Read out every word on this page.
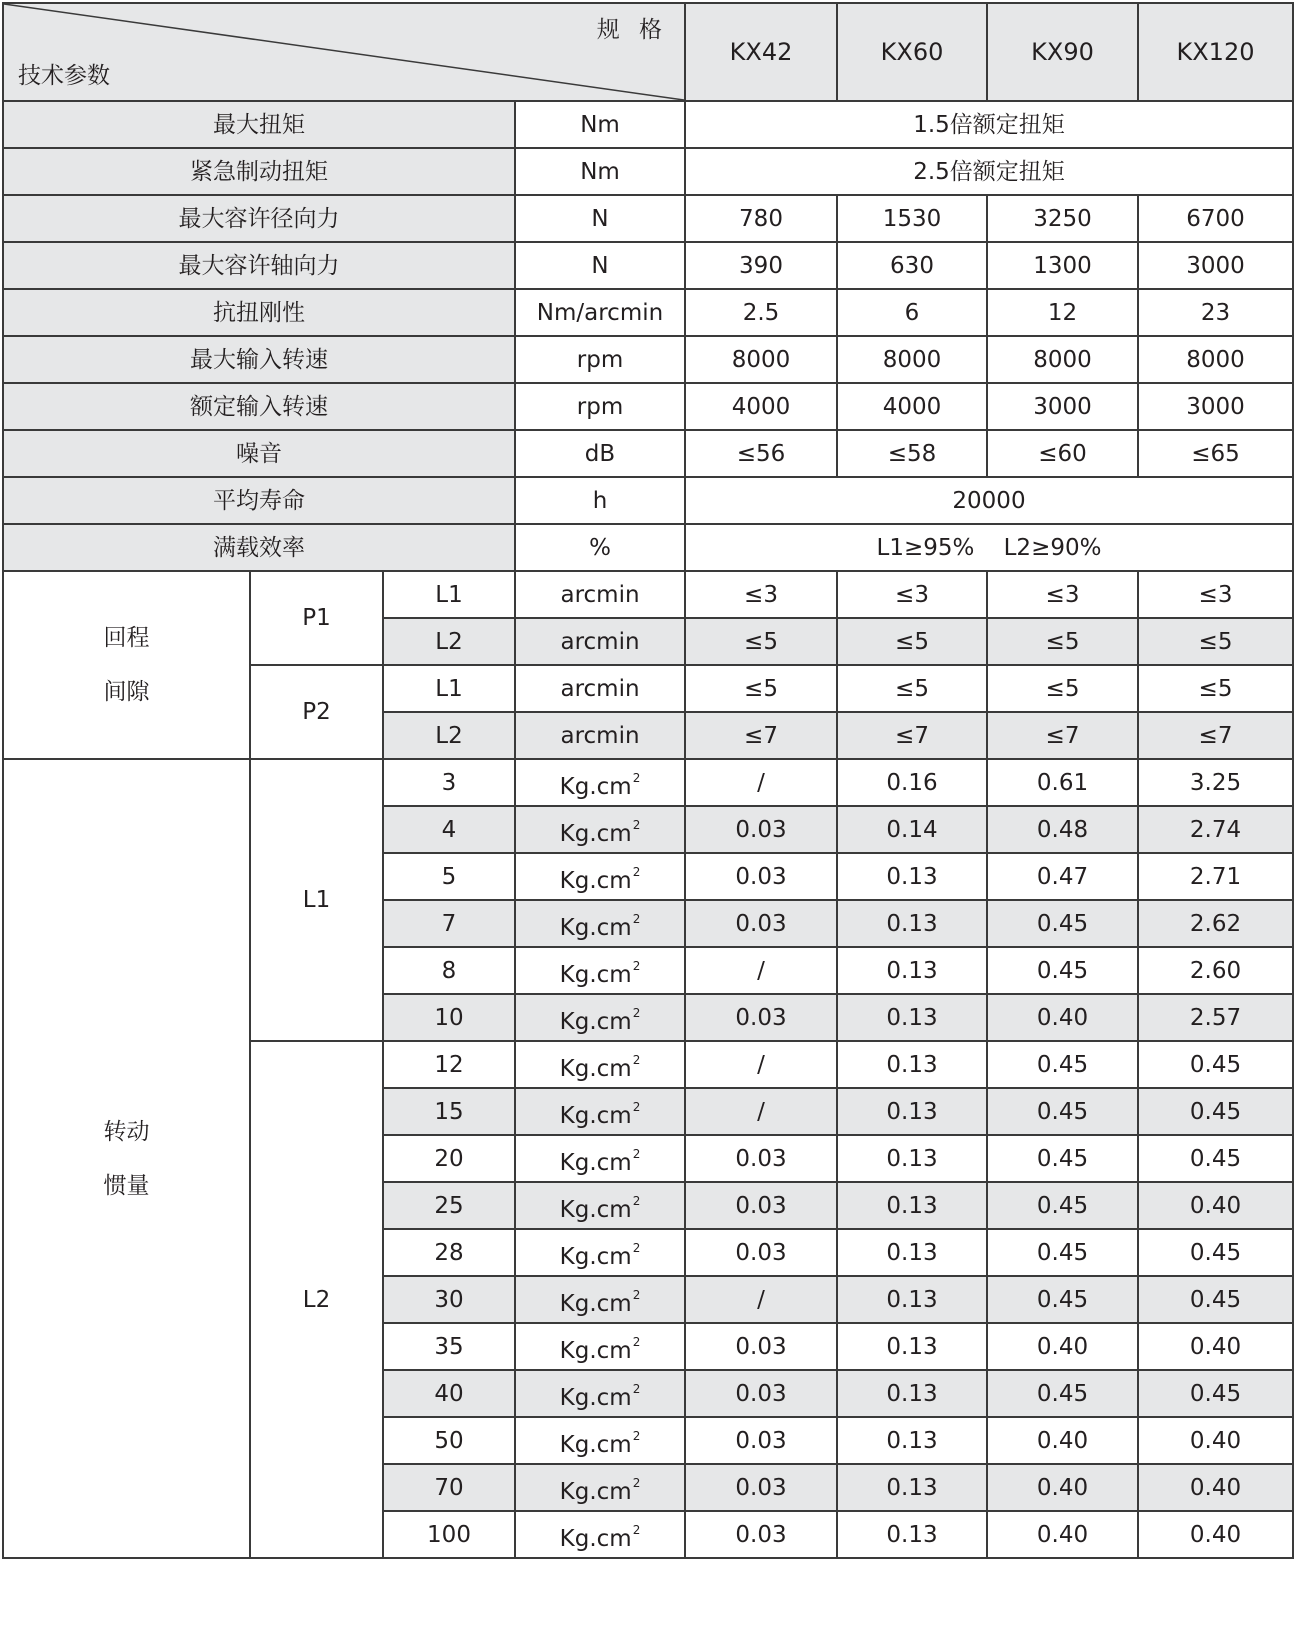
规 格
技术参数				KX42	KX60	KX90	KX120
最大扭矩			Nm	1.5倍额定扭矩			
紧急制动扭矩			Nm	2.5倍额定扭矩			
最大容许径向力			N	780	1530	3250	6700
最大容许轴向力			N	390	630	1300	3000
抗扭刚性			Nm/arcmin	2.5	6	12	23
最大输入转速			rpm	8000	8000	8000	8000
额定输入转速			rpm	4000	4000	3000	3000
噪音			dB	≤56	≤58	≤60	≤65
平均寿命			h	20000			
满载效率			%	L1≥95%    L2≥90%			

回程
间隙	P1	L1	arcmin	≤3	≤3	≤3	≤3
		L2	arcmin	≤5	≤5	≤5	≤5
	P2	L1	arcmin	≤5	≤5	≤5	≤5
		L2	arcmin	≤7	≤7	≤7	≤7

转动
惯量	L1	3	$Kg.cm^2$	/	0.16	0.61	3.25
		4	$Kg.cm^2$	0.03	0.14	0.48	2.74
		5	$Kg.cm^2$	0.03	0.13	0.47	2.71
		7	$Kg.cm^2$	0.03	0.13	0.45	2.62
		8	$Kg.cm^2$	/	0.13	0.45	2.60
		10	$Kg.cm^2$	0.03	0.13	0.40	2.57
	L2	12	$Kg.cm^2$	/	0.13	0.45	0.45
		15	$Kg.cm^2$	/	0.13	0.45	0.45
		20	$Kg.cm^2$	0.03	0.13	0.45	0.45
		25	$Kg.cm^2$	0.03	0.13	0.45	0.40
		28	$Kg.cm^2$	0.03	0.13	0.45	0.45
		30	$Kg.cm^2$	/	0.13	0.45	0.45
		35	$Kg.cm^2$	0.03	0.13	0.40	0.40
		40	$Kg.cm^2$	0.03	0.13	0.45	0.45
		50	$Kg.cm^2$	0.03	0.13	0.40	0.40
		70	$Kg.cm^2$	0.03	0.13	0.40	0.40
		100	$Kg.cm^2$	0.03	0.13	0.40	0.40
